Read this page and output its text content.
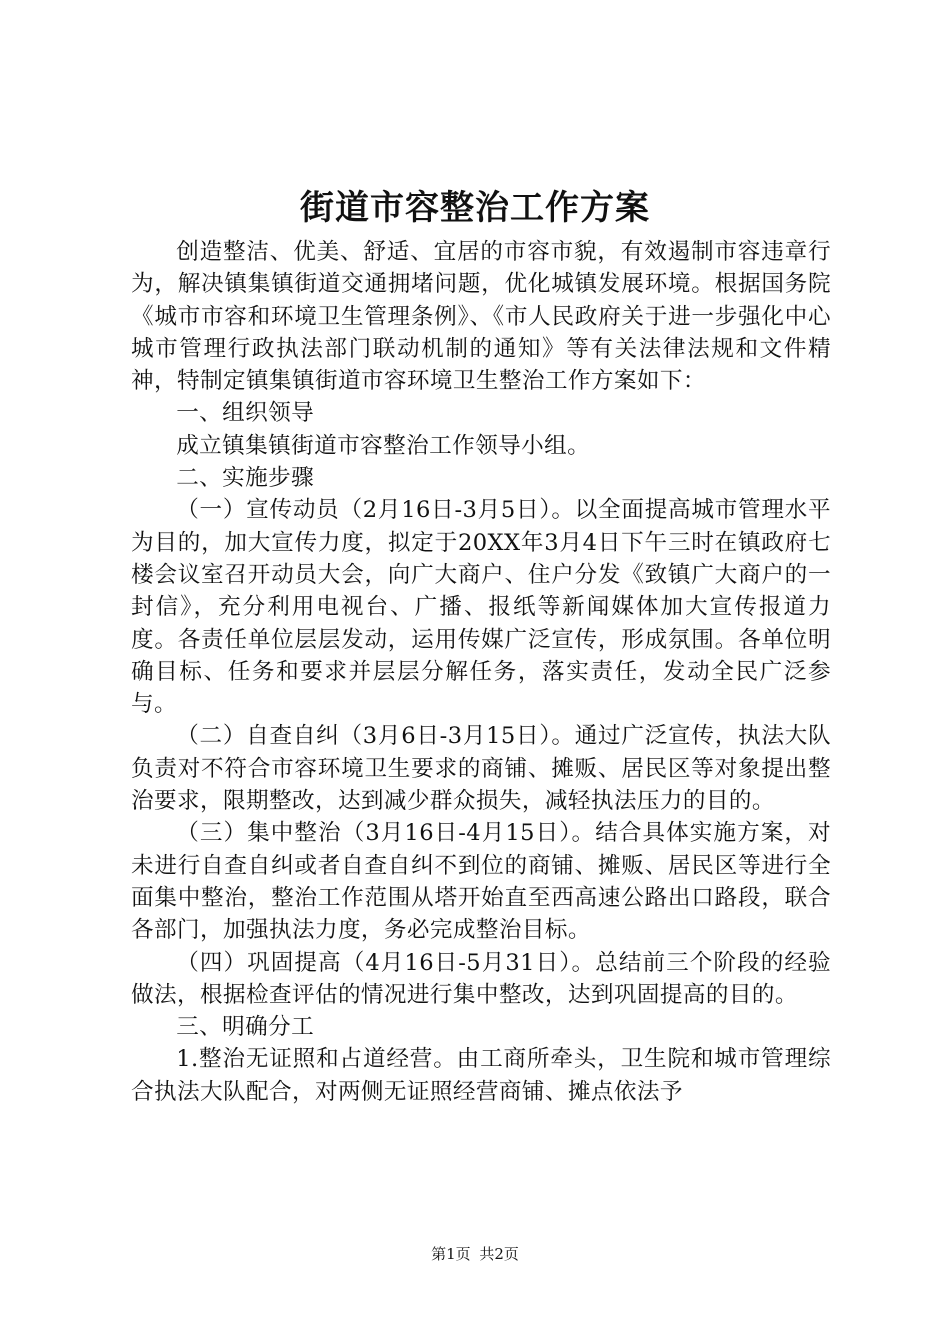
街道市容整治工作方案

创造整洁、优美、舒适、宜居的市容市貌，有效遏制市容违章行为，解决镇集镇街道交通拥堵问题，优化城镇发展环境。根据国务院《城市市容和环境卫生管理条例》、《市人民政府关于进一步强化中心城市管理行政执法部门联动机制的通知》等有关法律法规和文件精神，特制定镇集镇街道市容环境卫生整治工作方案如下：

一、组织领导

成立镇集镇街道市容整治工作领导小组。

二、实施步骤

（一）宣传动员（2月16日-3月5日）。以全面提高城市管理水平为目的，加大宣传力度，拟定于20XX年3月4日下午三时在镇政府七楼会议室召开动员大会，向广大商户、住户分发《致镇广大商户的一封信》，充分利用电视台、广播、报纸等新闻媒体加大宣传报道力度。各责任单位层层发动，运用传媒广泛宣传，形成氛围。各单位明确目标、任务和要求并层层分解任务，落实责任，发动全民广泛参与。

（二）自查自纠（3月6日-3月15日）。通过广泛宣传，执法大队负责对不符合市容环境卫生要求的商铺、摊贩、居民区等对象提出整治要求，限期整改，达到减少群众损失，减轻执法压力的目的。

（三）集中整治（3月16日-4月15日）。结合具体实施方案，对未进行自查自纠或者自查自纠不到位的商铺、摊贩、居民区等进行全面集中整治，整治工作范围从塔开始直至西高速公路出口路段，联合各部门，加强执法力度，务必完成整治目标。

（四）巩固提高（4月16日-5月31日）。总结前三个阶段的经验做法，根据检查评估的情况进行集中整改，达到巩固提高的目的。

三、明确分工

1.整治无证照和占道经营。由工商所牵头，卫生院和城市管理综合执法大队配合，对两侧无证照经营商铺、摊点依法予

第1页 共2页
